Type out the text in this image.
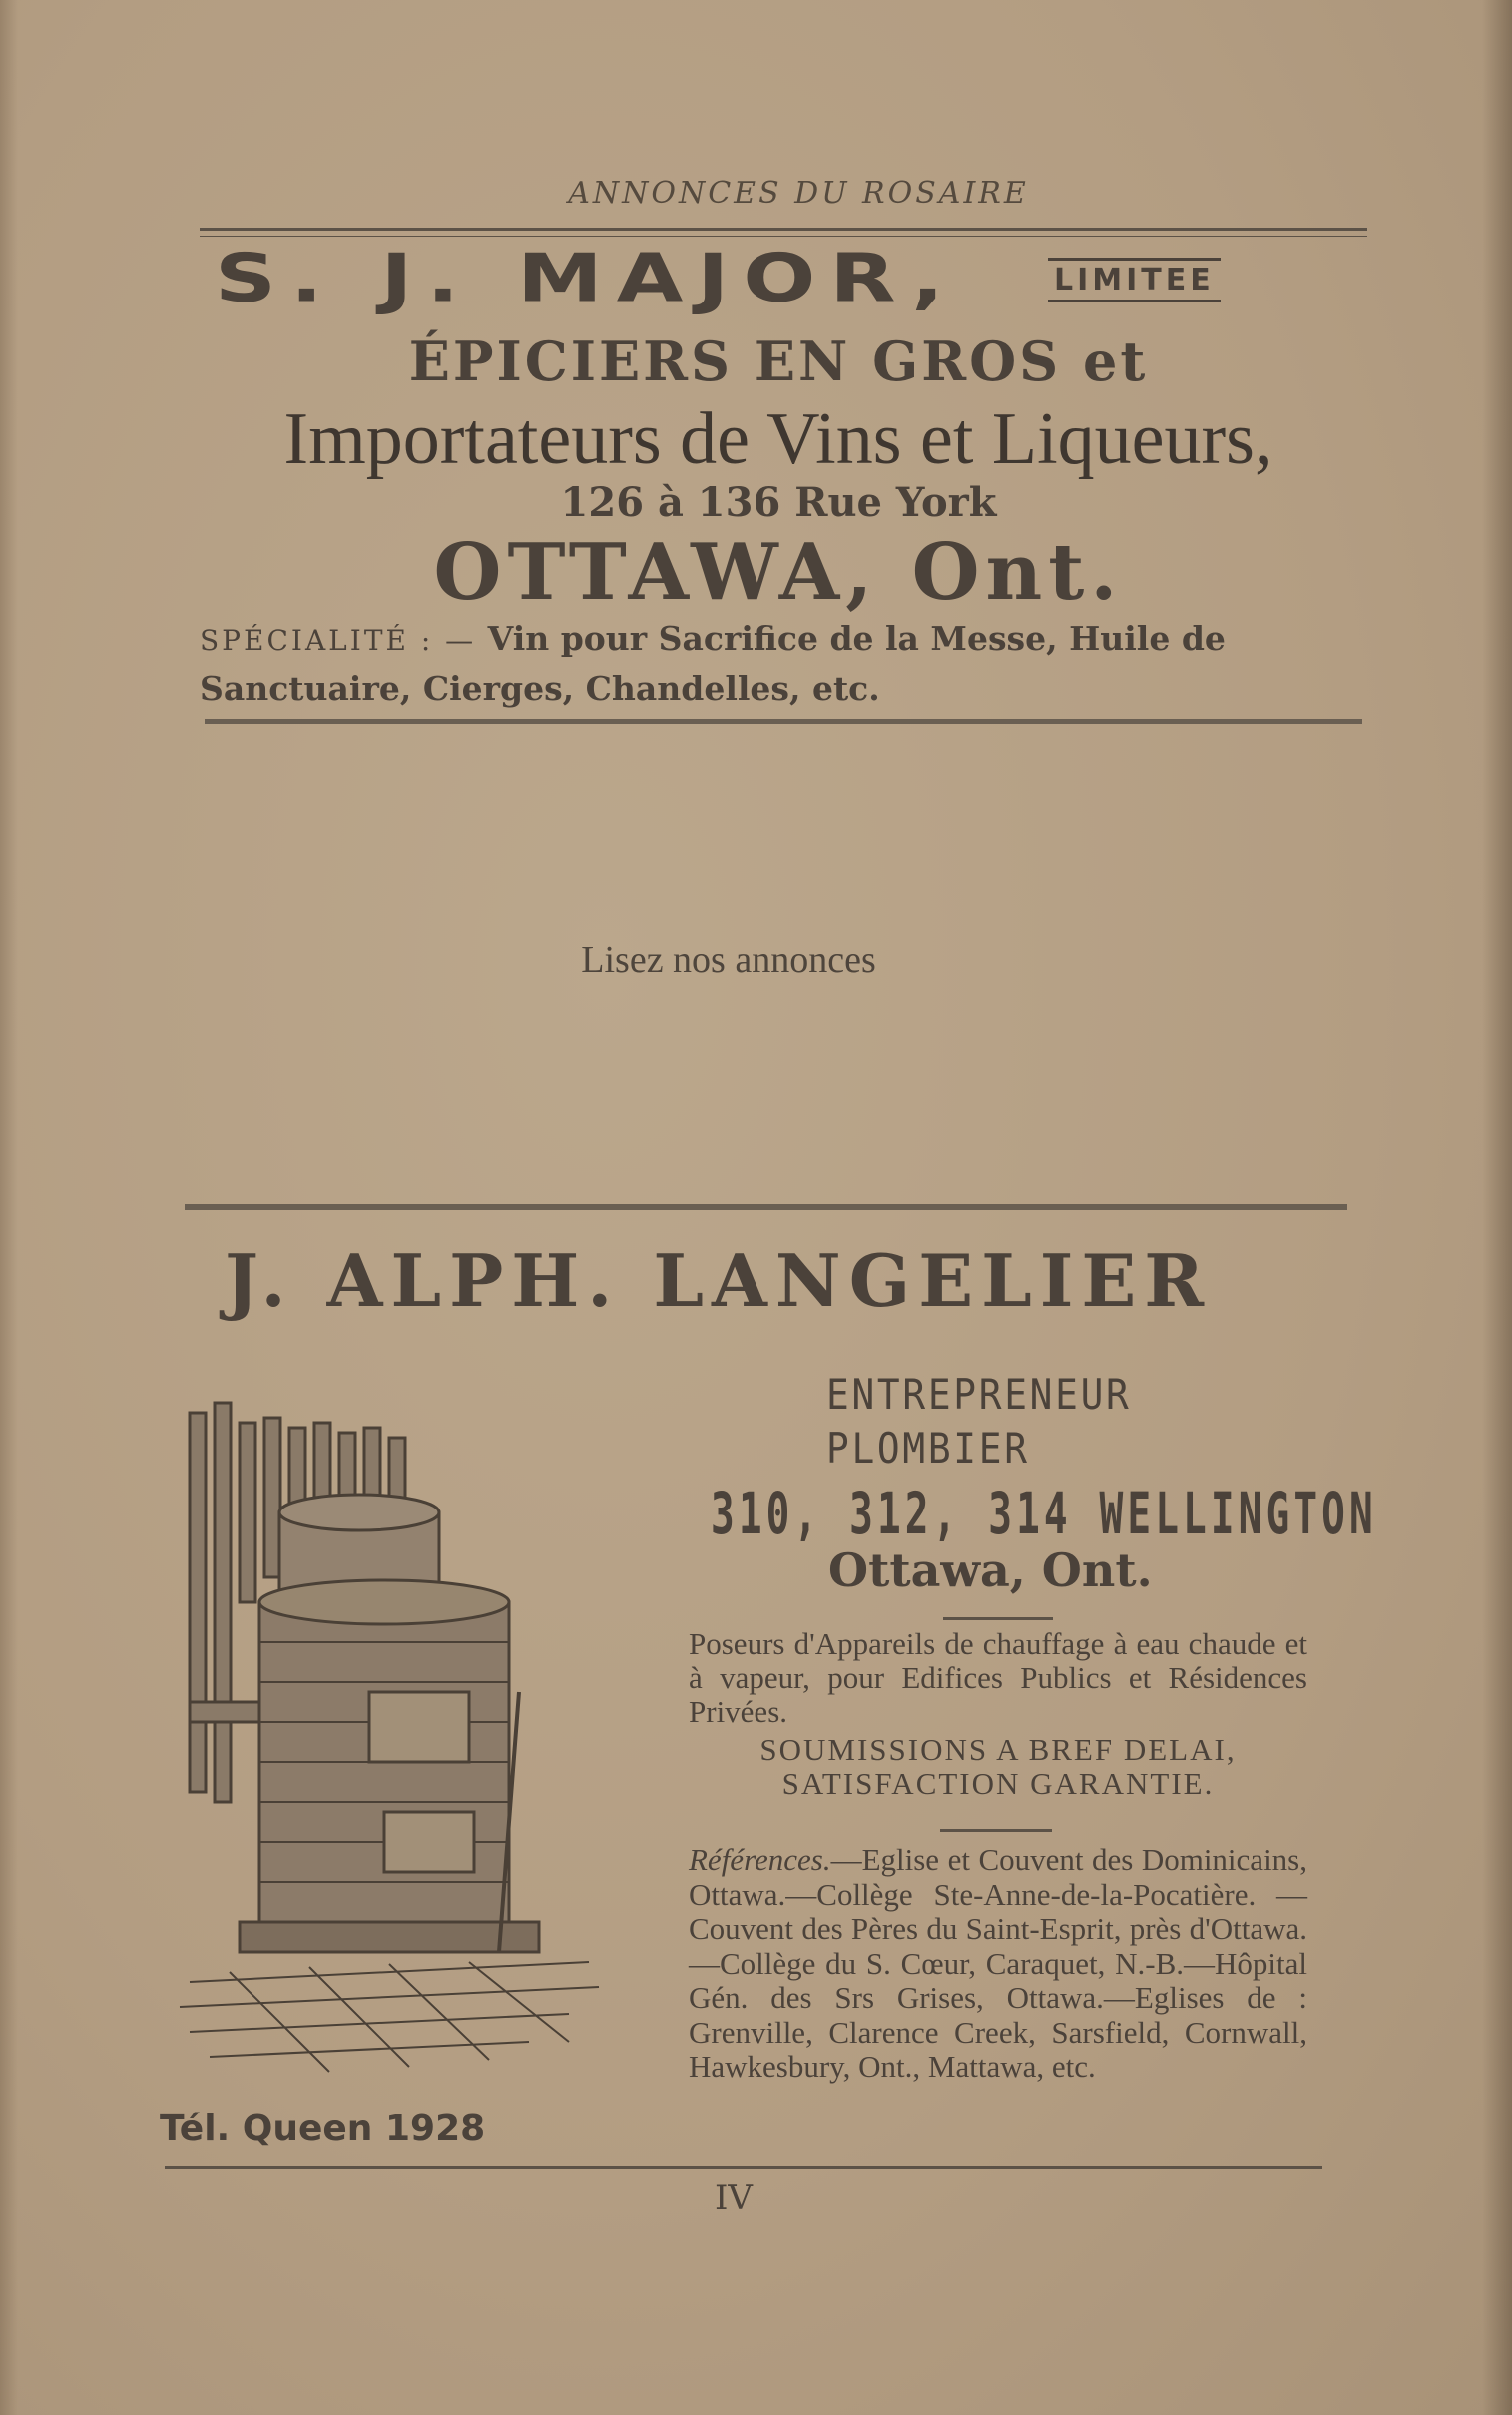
ANNONCES DU ROSAIRE
S. J. MAJOR,	LIMITEE
ÉPICIERS EN GROS et
Importateurs de Vins et Liqueurs,
126 à 136 Rue York
OTTAWA, Ont.
SPÉCIALITÉ : — Vin pour Sacrifice de la Messe, Huile de Sanctuaire, Cierges, Chandelles, etc.
Lisez nos annonces
J. ALPH. LANGELIER
ENTREPRENEUR
PLOMBIER
310, 312, 314 WELLINGTON
Ottawa, Ont.
Poseurs d'Appareils de chauffage à eau chaude et à vapeur, pour Edifices Publics et Résidences Privées.
SOUMISSIONS A BREF DELAI,
SATISFACTION GARANTIE.
Références.—Eglise et Couvent des Dominicains, Ottawa.—Collège Ste-Anne-de-la-Pocatière. — Couvent des Pères du Saint-Esprit, près d'Ottawa.—Collège du S. Cœur, Caraquet, N.-B.—Hôpital Gén. des Srs Grises, Ottawa.—Eglises de : Grenville, Clarence Creek, Sarsfield, Cornwall, Hawkesbury, Ont., Mattawa, etc.
Tél. Queen 1928
IV
